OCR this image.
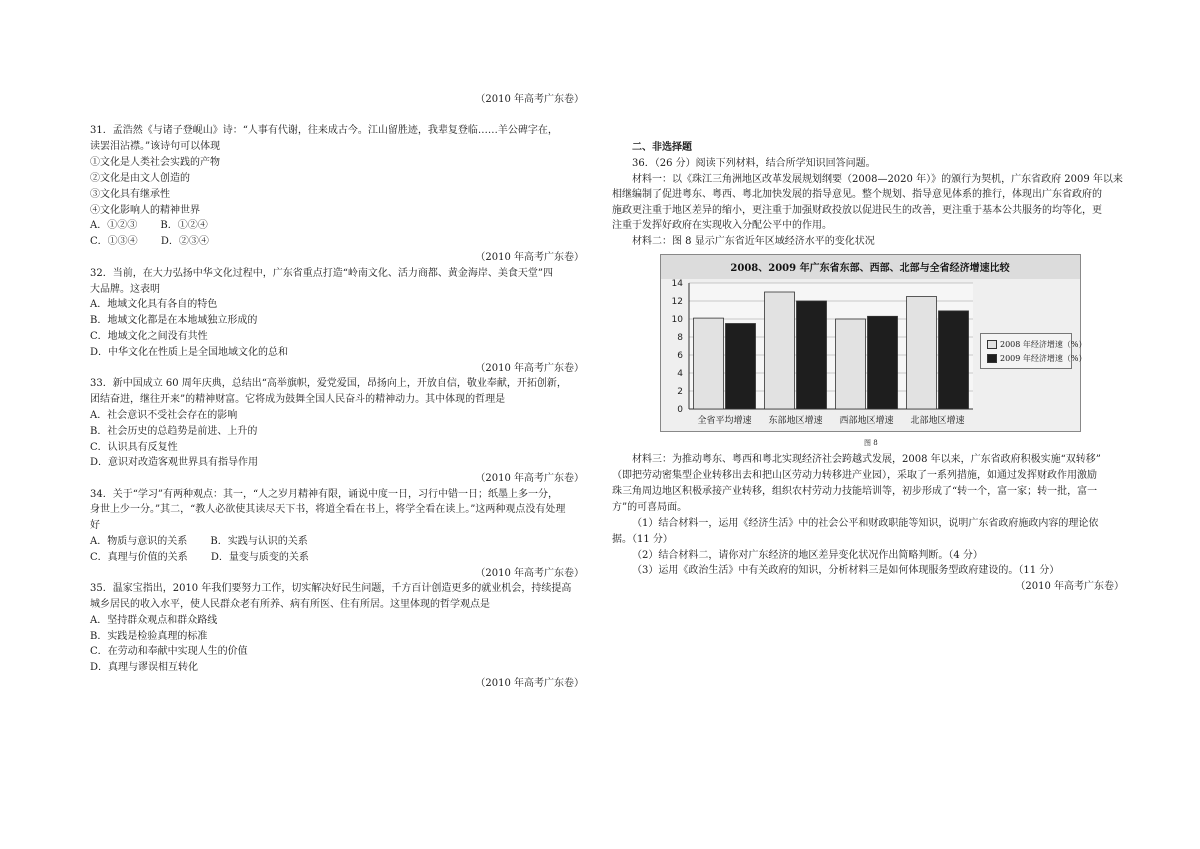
（2010 年高考广东卷）
31．孟浩然《与诸子登岘山》诗：“人事有代谢，往来成古今。江山留胜迹，我辈复登临……羊公碑字在，
读罢泪沾襟。”该诗句可以体现
①文化是人类社会实践的产物
②文化是由文人创造的
③文化具有继承性
④文化影响人的精神世界
A．①②③　　 B．①②④
C．①③④　　 D．②③④
（2010 年高考广东卷）
32．当前，在大力弘扬中华文化过程中，广东省重点打造“岭南文化、活力商都、黄金海岸、美食天堂”四
大品牌。这表明
A．地域文化具有各自的特色
B．地域文化都是在本地域独立形成的
C．地域文化之间没有共性
D．中华文化在性质上是全国地域文化的总和
（2010 年高考广东卷）
33．新中国成立 60 周年庆典，总结出“高举旗帜，爱党爱国，昂扬向上，开放自信，敬业奉献，开拓创新，
团结奋进，继往开来”的精神财富。它将成为鼓舞全国人民奋斗的精神动力。其中体现的哲理是
A．社会意识不受社会存在的影响
B．社会历史的总趋势是前进、上升的
C．认识具有反复性
D．意识对改造客观世界具有指导作用
（2010 年高考广东卷）
34．关于“学习”有两种观点：其一，“人之岁月精神有限，诵说中度一日，习行中错一日；纸墨上多一分，
身世上少一分。”其二，“教人必欲使其读尽天下书，将道全看在书上，将学全看在读上。”这两种观点没有处理
好
A．物质与意识的关系　　 B．实践与认识的关系
C．真理与价值的关系　　 D．量变与质变的关系
（2010 年高考广东卷）
35．温家宝指出，2010 年我们要努力工作，切实解决好民生问题，千方百计创造更多的就业机会，持续提高
城乡居民的收入水平，使人民群众老有所养、病有所医、住有所居。这里体现的哲学观点是
A．坚持群众观点和群众路线
B．实践是检验真理的标准
C．在劳动和奉献中实现人生的价值
D．真理与谬误相互转化
（2010 年高考广东卷）
二、非选择题
36．（26 分）阅读下列材料，结合所学知识回答问题。
材料一：以《珠江三角洲地区改革发展规划纲要（2008—2020 年）》的颁行为契机，广东省政府 2009 年以来
相继编制了促进粤东、粤西、粤北加快发展的指导意见。整个规划、指导意见体系的推行，体现出广东省政府的
施政更注重于地区差异的缩小，更注重于加强财政投放以促进民生的改善，更注重于基本公共服务的均等化，更
注重于发挥好政府在实现收入分配公平中的作用。
材料二：图 8 显示广东省近年区域经济水平的变化状况
材料三：为推动粤东、粤西和粤北实现经济社会跨越式发展，2008 年以来，广东省政府积极实施“双转移”
（即把劳动密集型企业转移出去和把山区劳动力转移进产业园），采取了一系列措施，如通过发挥财政作用激励
珠三角周边地区积极承接产业转移，组织农村劳动力技能培训等，初步形成了“转一个，富一家；转一批，富一
方”的可喜局面。
（1）结合材料一，运用《经济生活》中的社会公平和财政职能等知识，说明广东省政府施政内容的理论依
据。（11 分）
（2）结合材料二，请你对广东经济的地区差异变化状况作出简略判断。（4 分）
（3）运用《政治生活》中有关政府的知识，分析材料三是如何体现服务型政府建设的。（11 分）
（2010 年高考广东卷）
2008、2009 年广东省东部、西部、北部与全省经济增速比较
0
2
4
6
8
10
12
14
全省平均增速 东部地区增速 西部地区增速 北部地区增速
2008 年经济增速（%）
2009 年经济增速（%）
图 8
